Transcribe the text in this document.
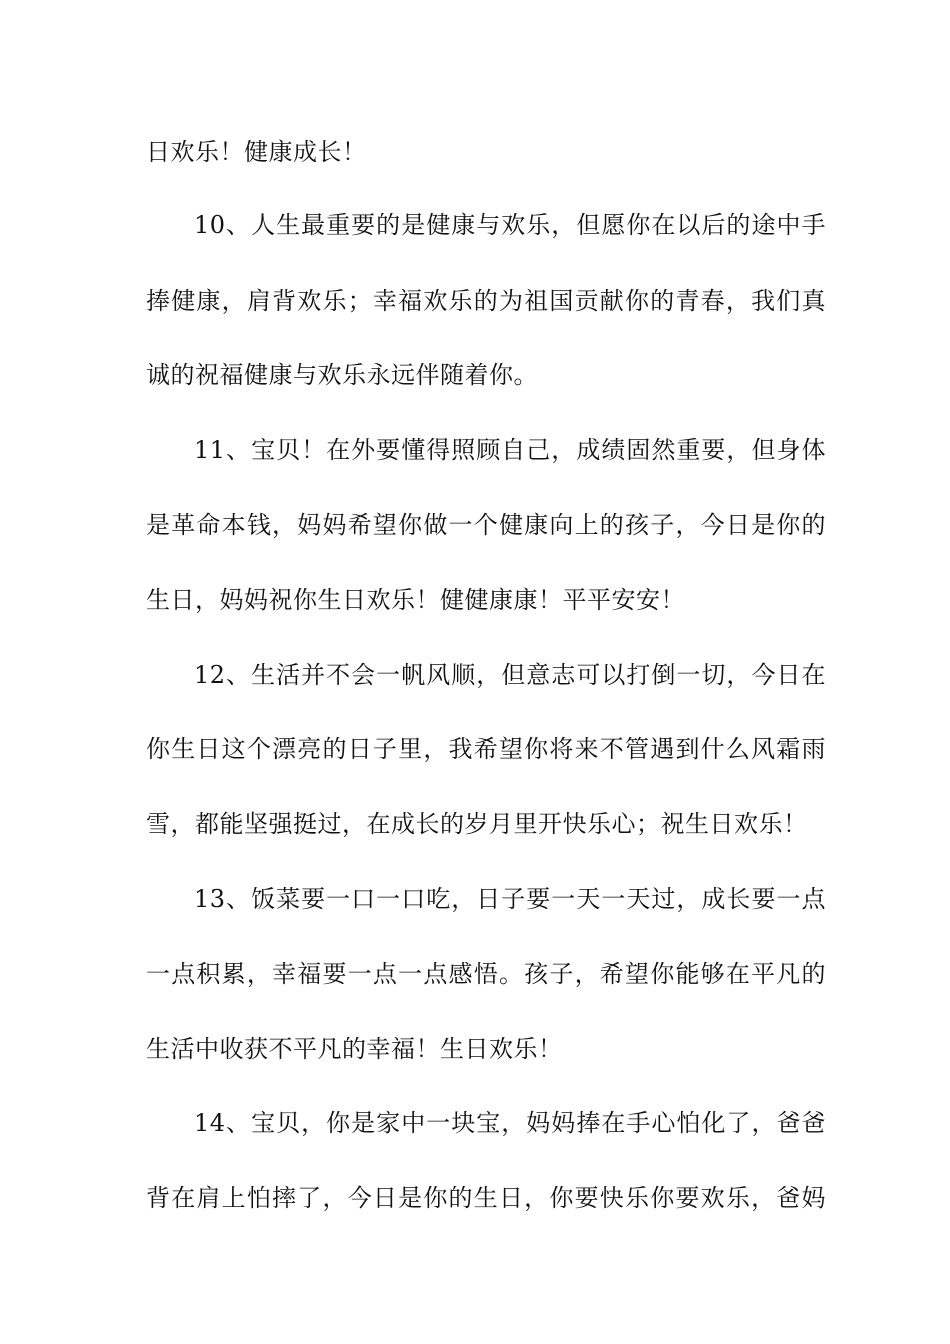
日欢乐！健康成长！
10、人生最重要的是健康与欢乐，但愿你在以后的途中手
捧健康，肩背欢乐；幸福欢乐的为祖国贡献你的青春，我们真
诚的祝福健康与欢乐永远伴随着你。
11、宝贝！在外要懂得照顾自己，成绩固然重要，但身体
是革命本钱，妈妈希望你做一个健康向上的孩子，今日是你的
生日，妈妈祝你生日欢乐！健健康康！平平安安！
12、生活并不会一帆风顺，但意志可以打倒一切，今日在
你生日这个漂亮的日子里，我希望你将来不管遇到什么风霜雨
雪，都能坚强挺过，在成长的岁月里开快乐心；祝生日欢乐！
13、饭菜要一口一口吃，日子要一天一天过，成长要一点
一点积累，幸福要一点一点感悟。孩子，希望你能够在平凡的
生活中收获不平凡的幸福！生日欢乐！
14、宝贝，你是家中一块宝，妈妈捧在手心怕化了，爸爸
背在肩上怕摔了，今日是你的生日，你要快乐你要欢乐，爸妈
